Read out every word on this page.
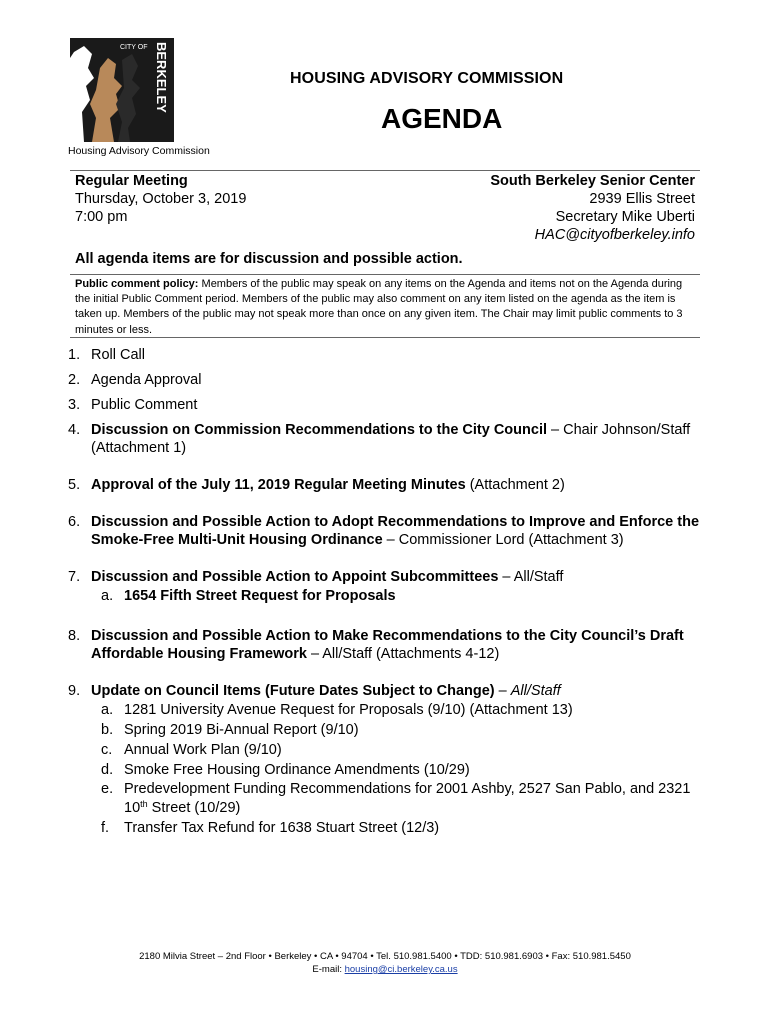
CITY OF BERKELEY
Housing Advisory Commission
HOUSING ADVISORY COMMISSION
AGENDA
Regular Meeting
Thursday, October 3, 2019
7:00 pm
South Berkeley Senior Center
2939 Ellis Street
Secretary Mike Uberti
HAC@cityofberkeley.info
All agenda items are for discussion and possible action.
Public comment policy: Members of the public may speak on any items on the Agenda and items not on the Agenda during the initial Public Comment period. Members of the public may also comment on any item listed on the agenda as the item is taken up. Members of the public may not speak more than once on any given item. The Chair may limit public comments to 3 minutes or less.
1. Roll Call
2. Agenda Approval
3. Public Comment
4. Discussion on Commission Recommendations to the City Council – Chair Johnson/Staff (Attachment 1)
5. Approval of the July 11, 2019 Regular Meeting Minutes (Attachment 2)
6. Discussion and Possible Action to Adopt Recommendations to Improve and Enforce the Smoke-Free Multi-Unit Housing Ordinance – Commissioner Lord (Attachment 3)
7. Discussion and Possible Action to Appoint Subcommittees – All/Staff
a. 1654 Fifth Street Request for Proposals
8. Discussion and Possible Action to Make Recommendations to the City Council’s Draft Affordable Housing Framework – All/Staff (Attachments 4-12)
9. Update on Council Items (Future Dates Subject to Change) – All/Staff
a. 1281 University Avenue Request for Proposals (9/10) (Attachment 13)
b. Spring 2019 Bi-Annual Report (9/10)
c. Annual Work Plan (9/10)
d. Smoke Free Housing Ordinance Amendments (10/29)
e. Predevelopment Funding Recommendations for 2001 Ashby, 2527 San Pablo, and 2321 10th Street (10/29)
f. Transfer Tax Refund for 1638 Stuart Street (12/3)
2180 Milvia Street – 2nd Floor • Berkeley • CA • 94704 • Tel. 510.981.5400 • TDD: 510.981.6903 • Fax: 510.981.5450
E-mail: housing@ci.berkeley.ca.us
